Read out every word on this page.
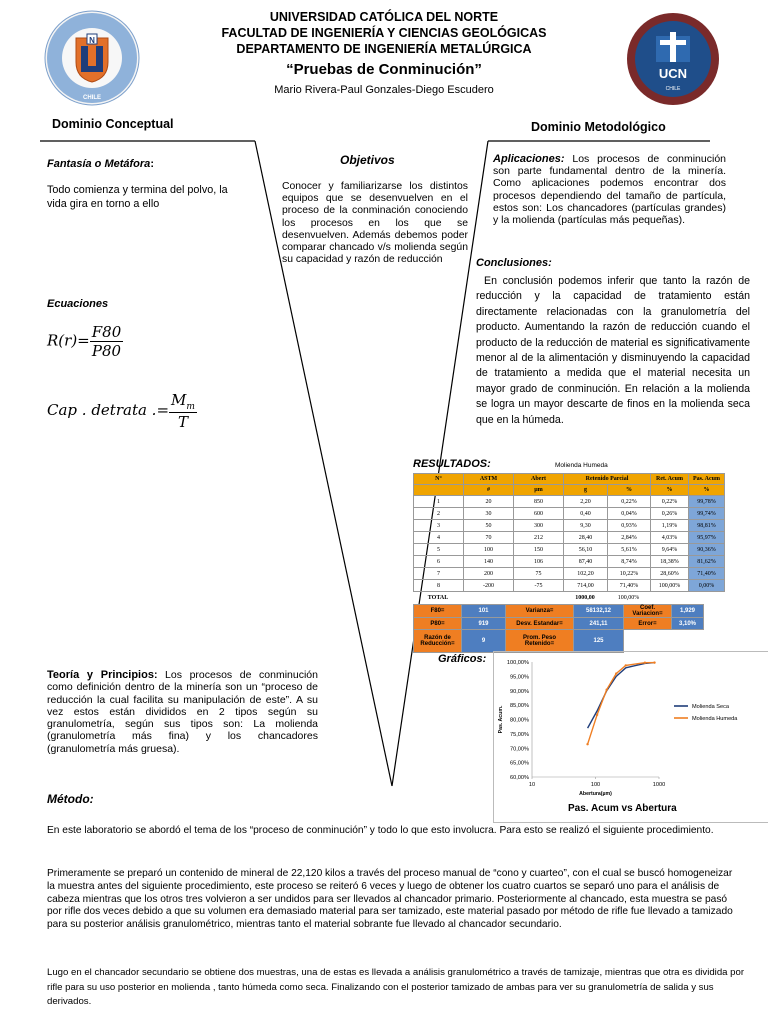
N
CHILE
UNIVERSIDAD CATÓLICA DEL NORTE
FACULTAD DE INGENIERÍA Y CIENCIAS GEOLÓGICAS
DEPARTAMENTO DE INGENIERÍA METALÚRGICA
“Pruebas de Conminución”
Mario Rivera-Paul Gonzales-Diego Escudero
UCN
CHILE
Dominio Conceptual
Fantasía o Metáfora:
Todo comienza y termina del polvo, la vida gira en torno a ello
Ecuaciones
$R(r)= \frac{F80}{P80}$
Cap . detrata .= $\frac{M_m}{T}$
Teoría y Principios: Los procesos de conminución como definición dentro de la minería son un “proceso de reducción la cual facilita su manipulación de este”. A su vez estos están divididos en 2 tipos según su granulometría, según sus tipos son: La molienda (granulometría más fina) y los chancadores (granulometría más gruesa).
Objetivos
Conocer y familiarizarse los distintos equipos que se desenvuelven en el proceso de la conminación conociendo los procesos en los que se desenvuelven. Además debemos poder comparar chancado v/s molienda según su capacidad y razón de reducción
Dominio Metodológico
Aplicaciones: Los procesos de conminución son parte fundamental dentro de la minería. Como aplicaciones podemos encontrar dos procesos dependiendo del tamaño de partícula, estos son: Los chancadores (partículas grandes) y la molienda (partículas más pequeñas).
Conclusiones:
En conclusión podemos inferir que tanto la razón de reducción y la capacidad de tratamiento están directamente relacionadas con la granulometría del producto. Aumentando la razón de reducción cuando el producto de la reducción de material es significativamente menor al de la alimentación y disminuyendo la capacidad de tratamiento a medida que el material necesita un mayor grado de conminución. En relación a la molienda se logra un mayor descarte de finos en la molienda seca que en la húmeda.
RESULTADOS:	Molienda Humeda
N°	ASTM	Abert	Retenido Parcial		Ret. Acum	Pas. Acum
	#	µm	g	%	%	%
1	20	850	2,20	0,22%	0,22%	99,78%
2	30	600	0,40	0,04%	0,26%	99,74%
3	50	300	9,30	0,93%	1,19%	98,81%
4	70	212	28,40	2,84%	4,03%	95,97%
5	100	150	56,10	5,61%	9,64%	90,36%
6	140	106	87,40	8,74%	18,38%	81,62%
7	200	75	102,20	10,22%	28,60%	71,40%
8	-200	-75	714,00	71,40%	100,00%	0,00%
TOTAL			1000,00	100,00%		
F80=	101	Varianza=	58132,12	Coef. Variacion=	1,929
P80=	919	Desv. Estandar=	241,11	Error=	3,10%
Razón de Reducción=	9	Prom. Peso Retenido=	125		
Gráficos:
60,00%
65,00%
70,00%
75,00%
80,00%
85,00%
90,00%
95,00%
100,00%
10	100	1000
Abertura(µm)
Pas. Acum.	Molienda Seca
Molienda Humeda
Pas. Acum vs Abertura
Método:
En este laboratorio se abordó el tema de los “proceso de conminución” y todo lo que esto involucra. Para esto se realizó el siguiente procedimiento.
Primeramente se preparó un contenido de mineral de 22,120 kilos a través del proceso manual de “cono y cuarteo”, con el cual se buscó homogeneizar la muestra antes del siguiente procedimiento, este proceso se reiteró 6 veces y luego de obtener los cuatro cuartos se separó uno para el análisis de cabeza mientras que los otros tres volvieron a ser undidos para ser llevados al chancador primario. Posteriormente al chancado, esta muestra se pasó por rifle dos veces debido a que su volumen era demasiado material para ser tamizado, este material pasado por método de rifle fue llevado a tamizado para su posterior análisis granulométrico, mientras tanto el material sobrante fue llevado al chancador secundario.
Lugo en el chancador secundario se obtiene dos muestras, una de estas es llevada a análisis granulométrico a través de tamizaje, mientras que otra es dividida por rifle para su uso posterior en molienda , tanto húmeda como seca. Finalizando con el posterior tamizado de ambas para ver su granulometría de salida y sus derivados.
